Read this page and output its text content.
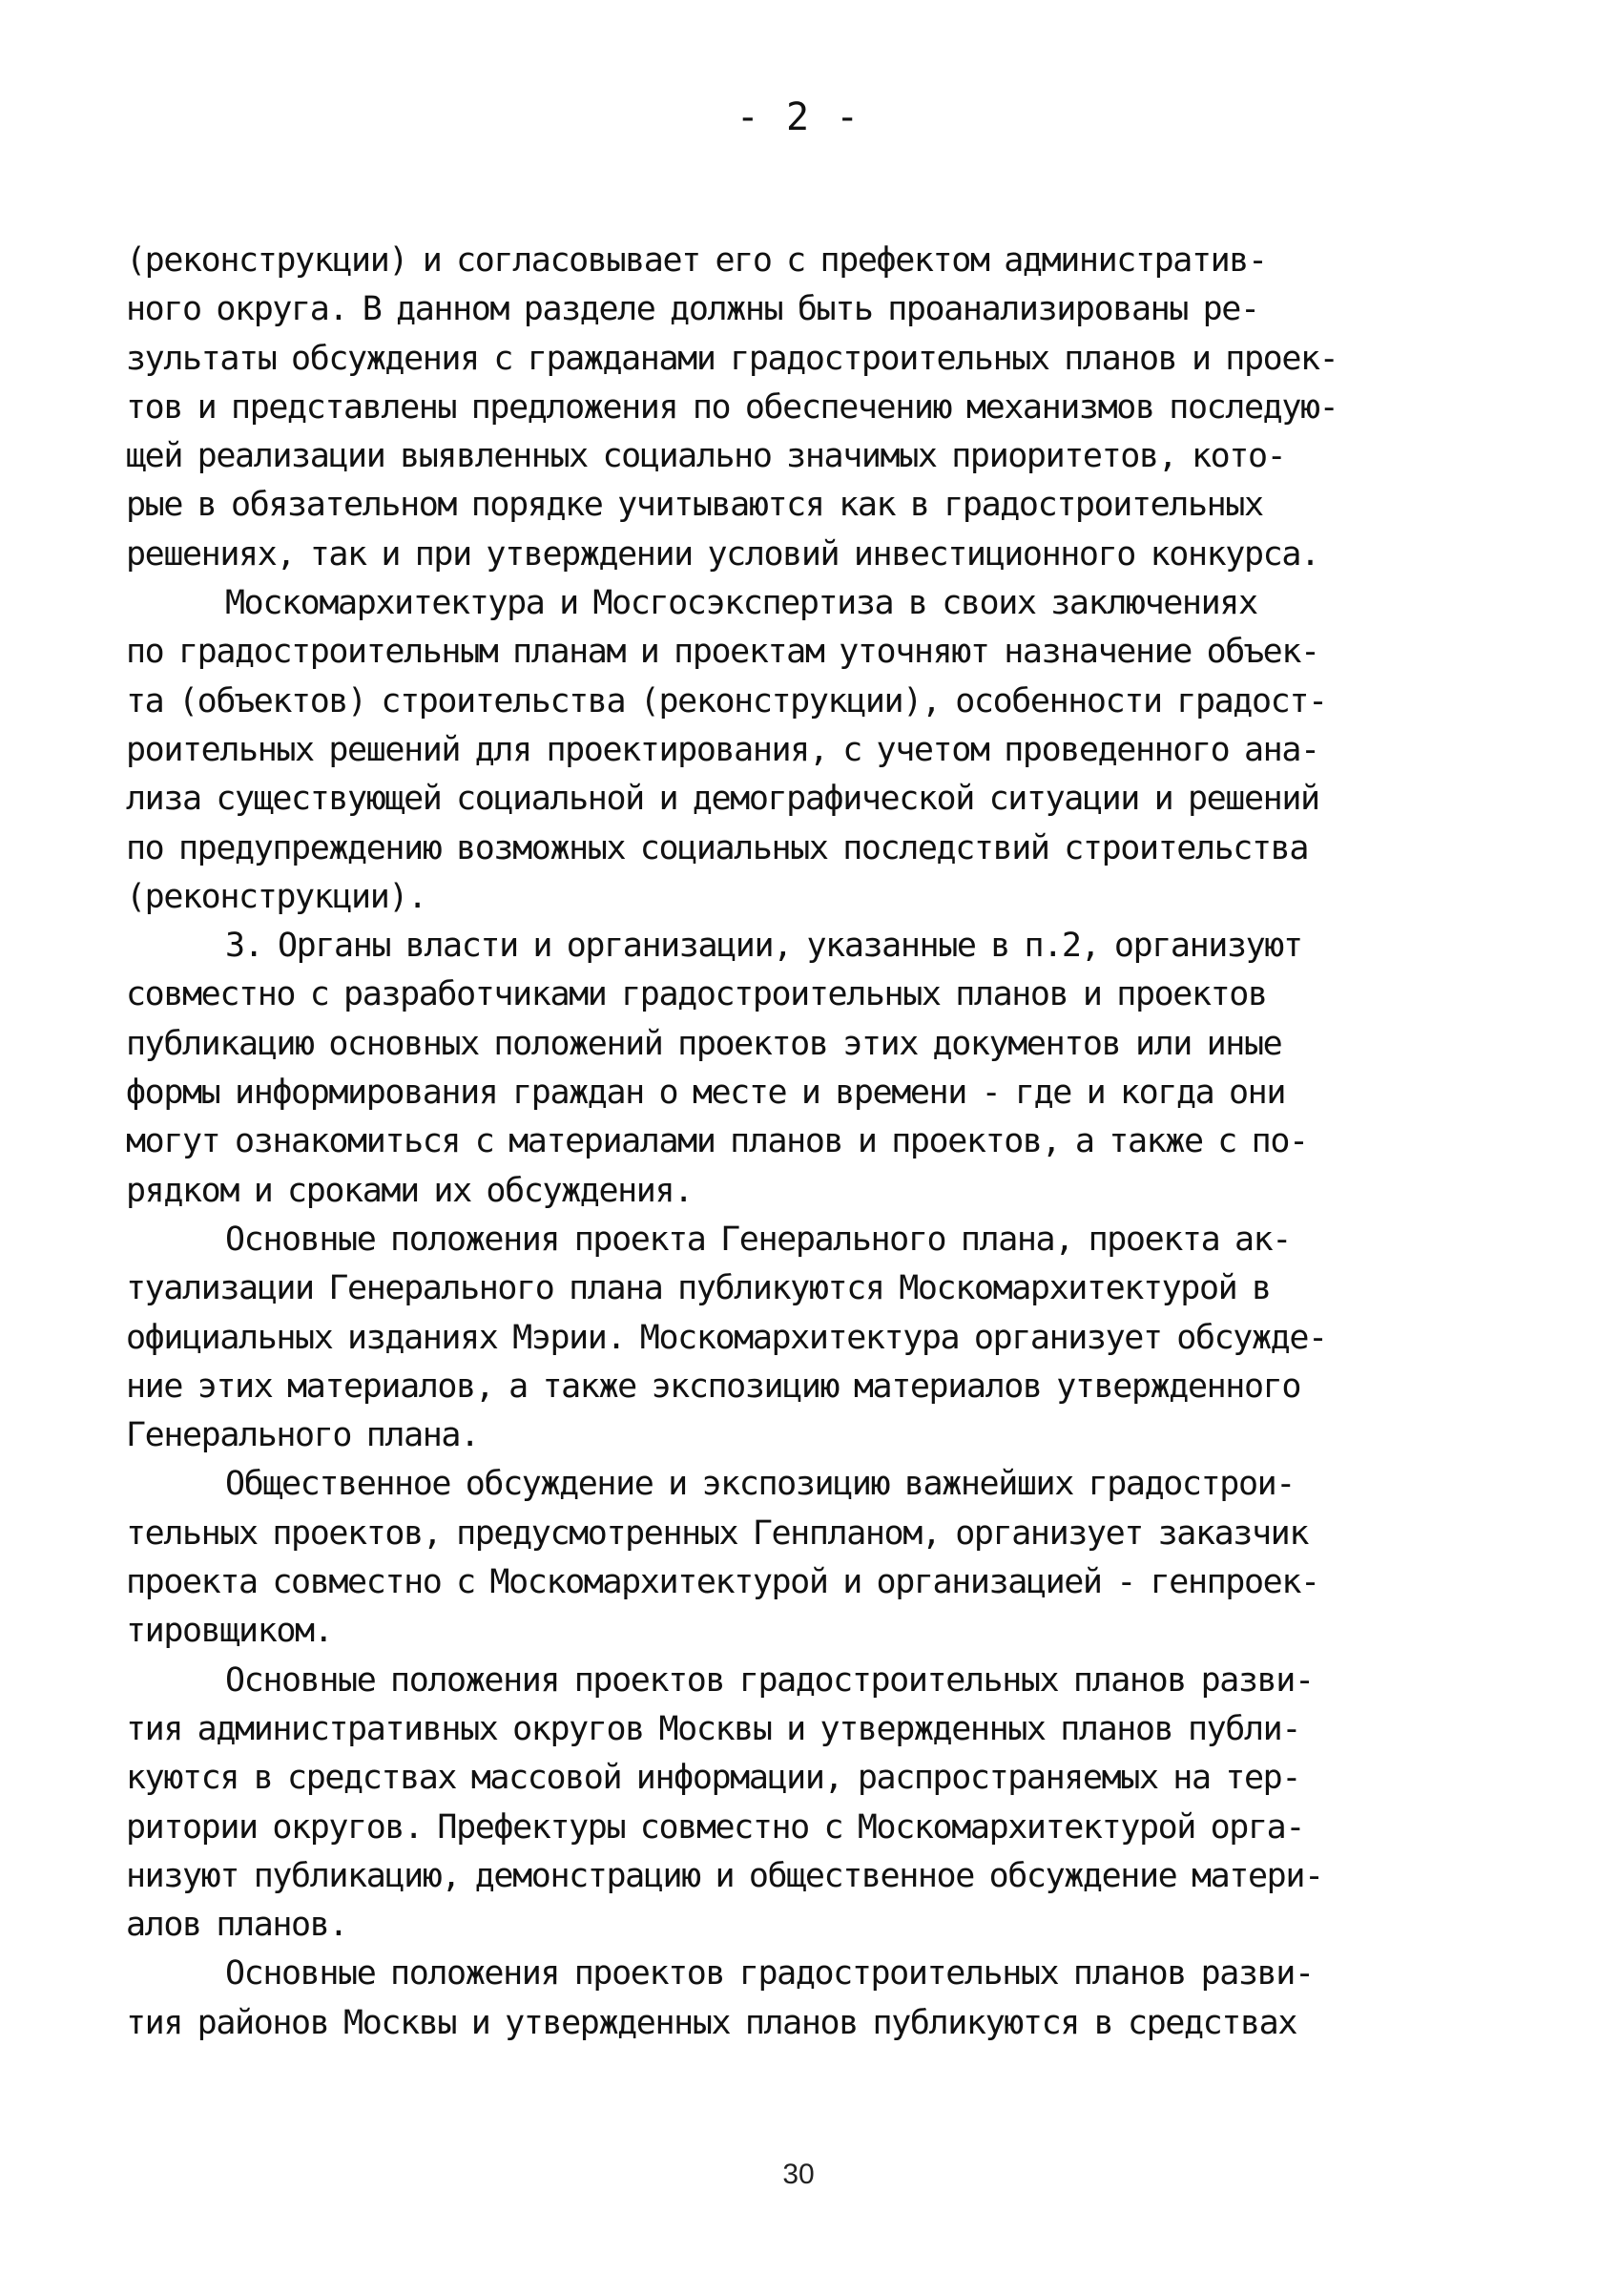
- 2 -
(реконструкции) и согласовывает его с префектом административ-
ного округа. В данном разделе должны быть проанализированы ре-
зультаты обсуждения с гражданами градостроительных планов и проек-
тов и представлены предложения по обеспечению механизмов последую-
щей реализации выявленных социально значимых приоритетов, кото-
рые в обязательном порядке учитываются как в градостроительных
решениях, так и при утверждении условий инвестиционного конкурса.
Москомархитектура и Мосгосэкспертиза в своих заключениях
по градостроительным планам и проектам уточняют назначение объек-
та (объектов) строительства (реконструкции), особенности градост-
роительных решений для проектирования, с учетом проведенного ана-
лиза существующей социальной и демографической ситуации и решений
по предупреждению возможных социальных последствий строительства
(реконструкции).
3. Органы власти и организации, указанные в п.2, организуют
совместно с разработчиками градостроительных планов и проектов
публикацию основных положений проектов этих документов или иные
формы информирования граждан о месте и времени - где и когда они
могут ознакомиться с материалами планов и проектов, а также с по-
рядком и сроками их обсуждения.
Основные положения проекта Генерального плана, проекта ак-
туализации Генерального плана публикуются Москомархитектурой в
официальных изданиях Мэрии. Москомархитектура организует обсужде-
ние этих материалов, а также экспозицию материалов утвержденного
Генерального плана.
Общественное обсуждение и экспозицию важнейших градострои-
тельных проектов, предусмотренных Генпланом, организует заказчик
проекта совместно с Москомархитектурой и организацией - генпроек-
тировщиком.
Основные положения проектов градостроительных планов разви-
тия административных округов Москвы и утвержденных планов публи-
куются в средствах массовой информации, распространяемых на тер-
ритории округов. Префектуры совместно с Москомархитектурой орга-
низуют публикацию, демонстрацию и общественное обсуждение матери-
алов планов.
Основные положения проектов градостроительных планов разви-
тия районов Москвы и утвержденных планов публикуются в средствах
30
